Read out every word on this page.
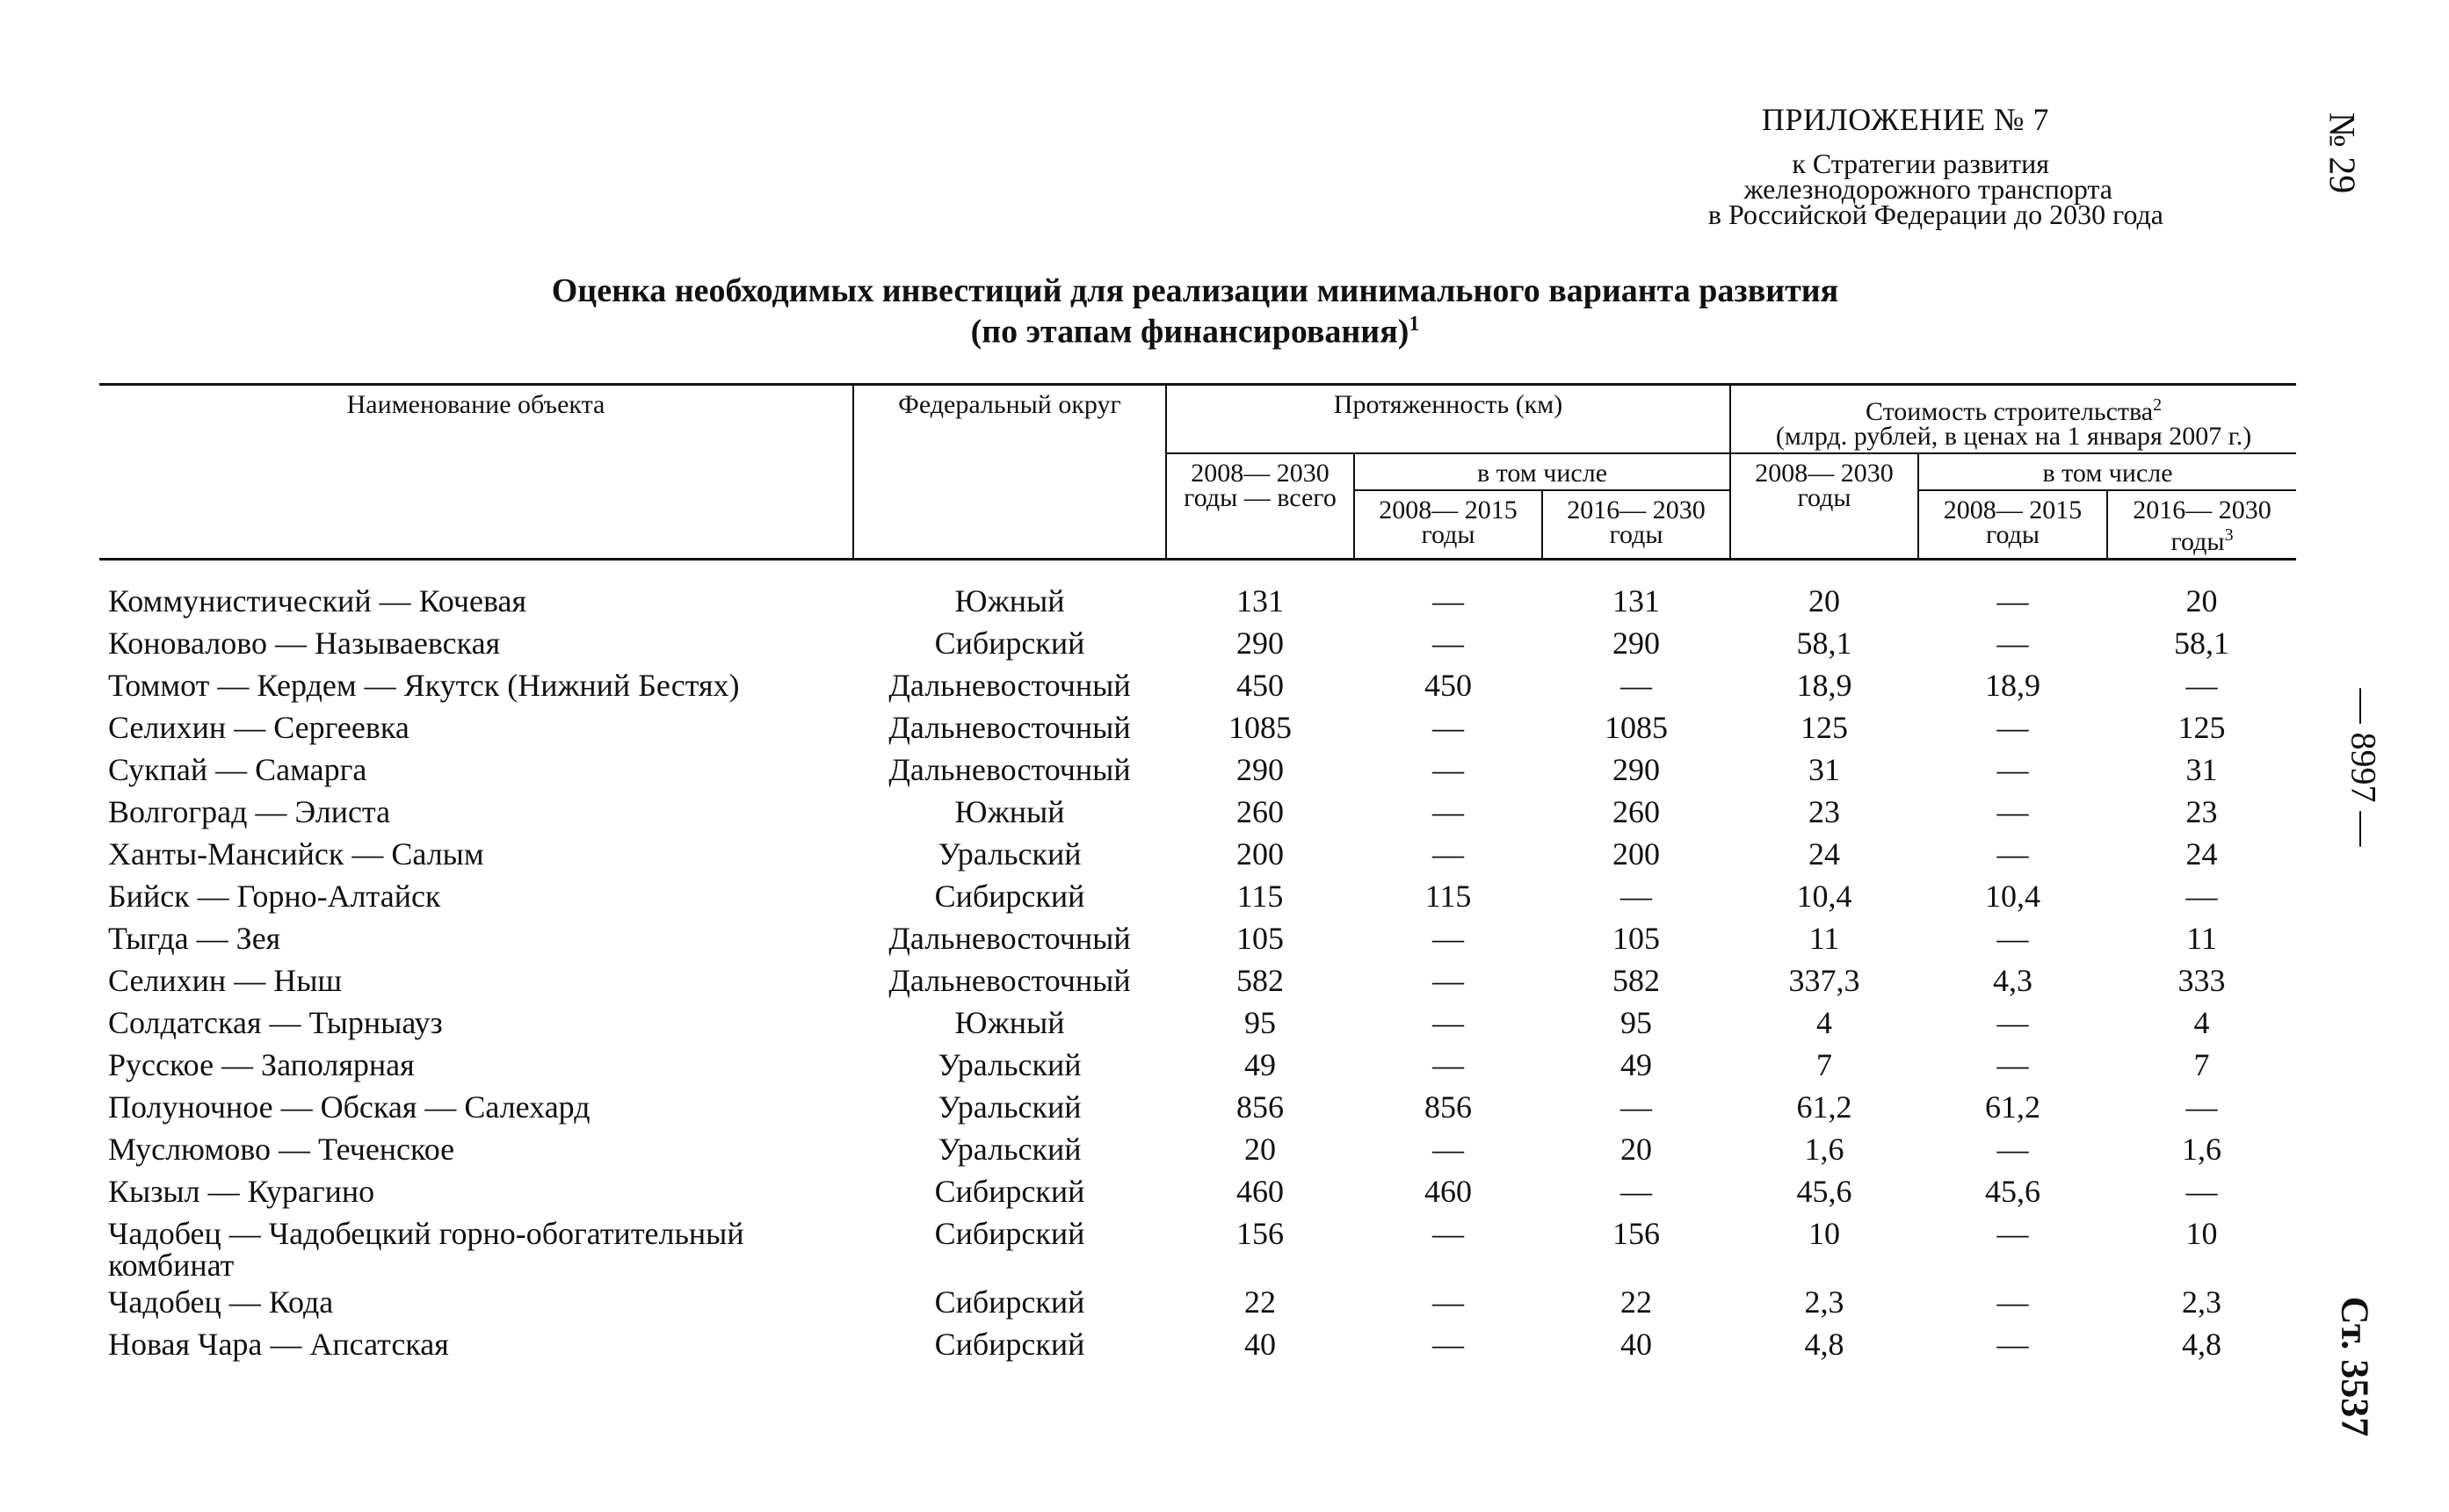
ПРИЛОЖЕНИЕ № 7
к Стратегии развития
железнодорожного транспорта
в Российской Федерации до 2030 года
№ 29
— 8997 —
Ст. 3537
Оценка необходимых инвестиций для реализации минимального варианта развития
(по этапам финансирования)$^1$
Наименование объекта	Федеральный округ	Протяженность (км)			Стоимость строительства$^2$
(млрд. рублей, в ценах на 1 января 2007 г.)		
		2008— 2030 годы — всего	в том числе		2008— 2030 годы	в том числе	
			2008— 2015 годы	2016— 2030 годы		2008— 2015 годы	2016— 2030 годы$^3$
Коммунистический — Кочевая	Южный	131	—	131	20	—	20
Коновалово — Называевская	Сибирский	290	—	290	58,1	—	58,1
Томмот — Кердем — Якутск (Нижний Бестях)	Дальневосточный	450	450	—	18,9	18,9	—
Селихин — Сергеевка	Дальневосточный	1085	—	1085	125	—	125
Сукпай — Самарга	Дальневосточный	290	—	290	31	—	31
Волгоград — Элиста	Южный	260	—	260	23	—	23
Ханты-Мансийск — Салым	Уральский	200	—	200	24	—	24
Бийск — Горно-Алтайск	Сибирский	115	115	—	10,4	10,4	—
Тыгда — Зея	Дальневосточный	105	—	105	11	—	11
Селихин — Ныш	Дальневосточный	582	—	582	337,3	4,3	333
Солдатская — Тырныауз	Южный	95	—	95	4	—	4
Русское — Заполярная	Уральский	49	—	49	7	—	7
Полуночное — Обская — Салехард	Уральский	856	856	—	61,2	61,2	—
Муслюмово — Теченское	Уральский	20	—	20	1,6	—	1,6
Кызыл — Курагино	Сибирский	460	460	—	45,6	45,6	—
Чадобец — Чадобецкий горно-обогатительный комбинат	Сибирский	156	—	156	10	—	10
Чадобец — Кода	Сибирский	22	—	22	2,3	—	2,3
Новая Чара — Апсатская	Сибирский	40	—	40	4,8	—	4,8
